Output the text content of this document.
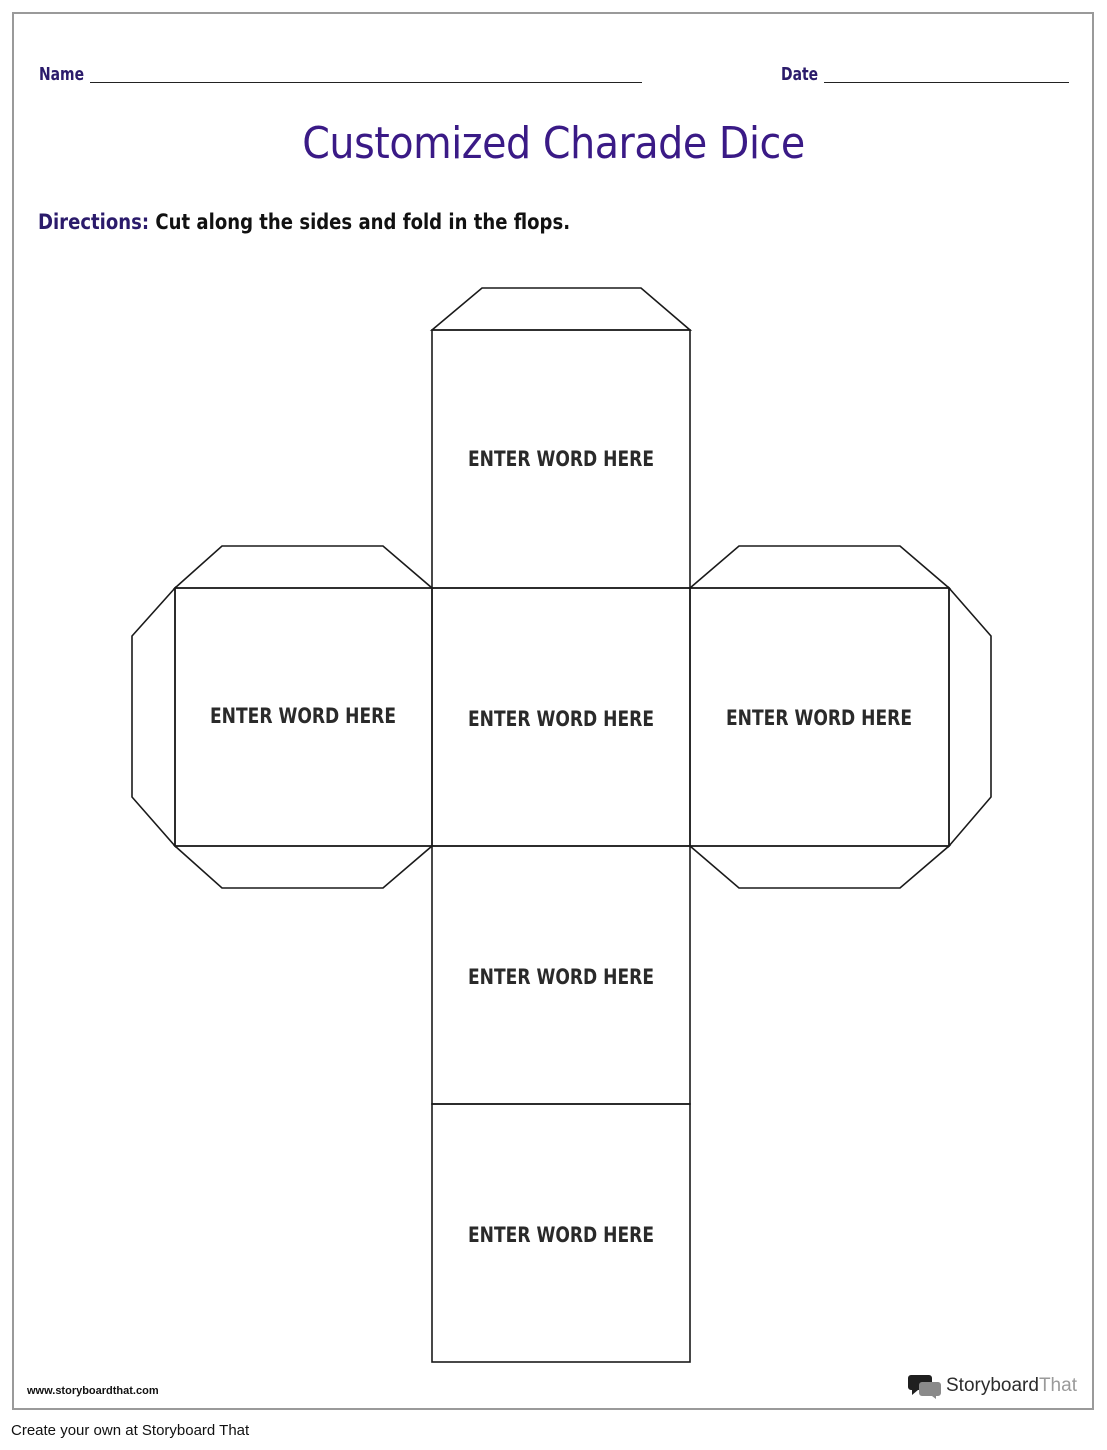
Name	Date
Customized Charade Dice
Directions: Cut along the sides and fold in the flops.
ENTER WORD HERE
ENTER WORD HERE	ENTER WORD HERE	ENTER WORD HERE
ENTER WORD HERE
ENTER WORD HERE
www.storyboardthat.com	Storyboard That
Create your own at Storyboard That
